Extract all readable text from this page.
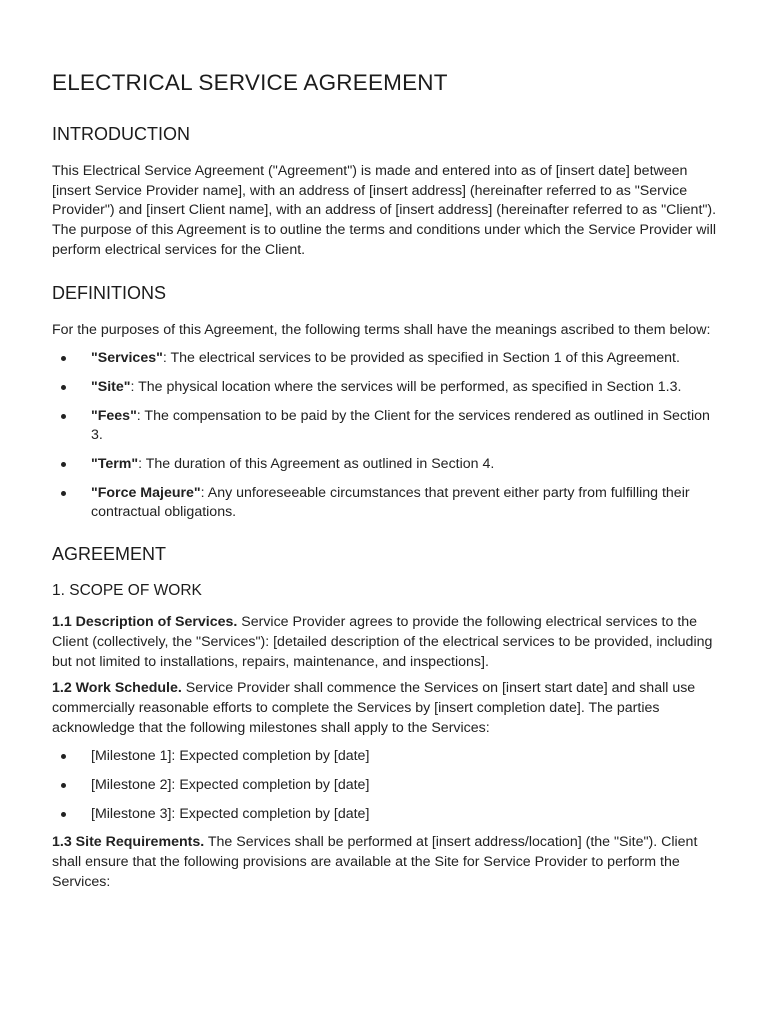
ELECTRICAL SERVICE AGREEMENT
INTRODUCTION

This Electrical Service Agreement ("Agreement") is made and entered into as of [insert date] between [insert Service Provider name], with an address of [insert address] (hereinafter referred to as "Service Provider") and [insert Client name], with an address of [insert address] (hereinafter referred to as "Client"). The purpose of this Agreement is to outline the terms and conditions under which the Service Provider will perform electrical services for the Client.

DEFINITIONS

For the purposes of this Agreement, the following terms shall have the meanings ascribed to them below:

"Services": The electrical services to be provided as specified in Section 1 of this Agreement.
"Site": The physical location where the services will be performed, as specified in Section 1.3.
"Fees": The compensation to be paid by the Client for the services rendered as outlined in Section 3.
"Term": The duration of this Agreement as outlined in Section 4.
"Force Majeure": Any unforeseeable circumstances that prevent either party from fulfilling their contractual obligations.
AGREEMENT
1. SCOPE OF WORK

1.1 Description of Services. Service Provider agrees to provide the following electrical services to the Client (collectively, the "Services"): [detailed description of the electrical services to be provided, including but not limited to installations, repairs, maintenance, and inspections].

1.2 Work Schedule. Service Provider shall commence the Services on [insert start date] and shall use commercially reasonable efforts to complete the Services by [insert completion date]. The parties acknowledge that the following milestones shall apply to the Services:

[Milestone 1]: Expected completion by [date]
[Milestone 2]: Expected completion by [date]
[Milestone 3]: Expected completion by [date]

1.3 Site Requirements. The Services shall be performed at [insert address/location] (the "Site"). Client shall ensure that the following provisions are available at the Site for Service Provider to perform the Services:
